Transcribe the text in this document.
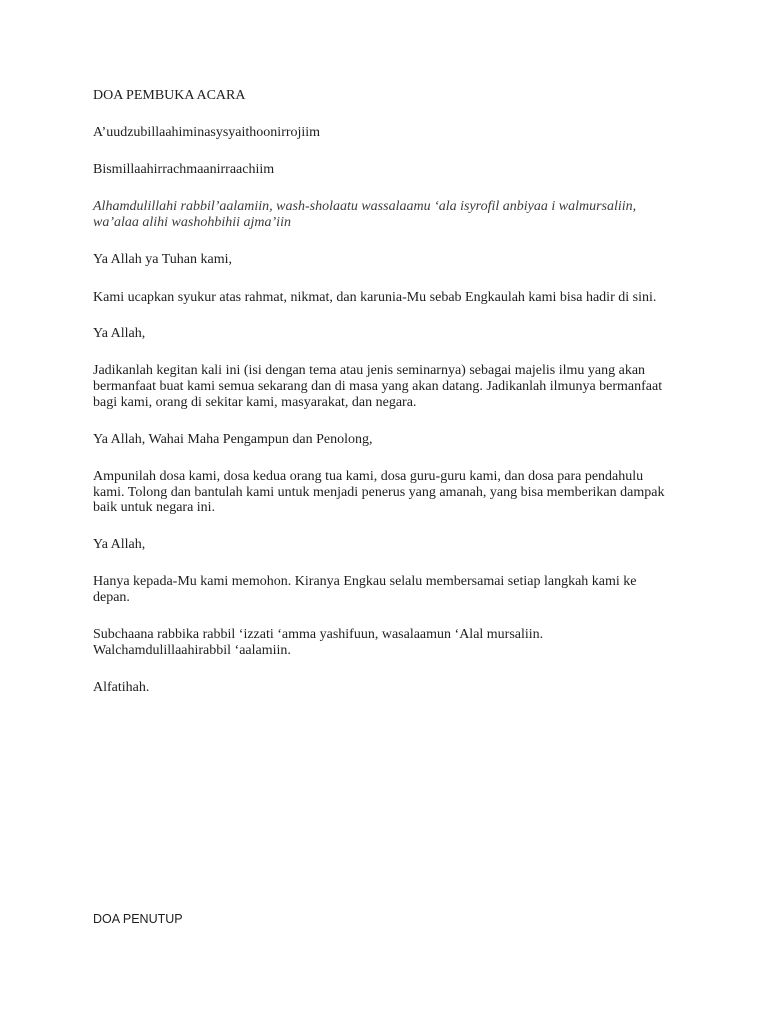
DOA PEMBUKA ACARA

A’uudzubillaahiminasysyaithoonirrojiim

Bismillaahirrachmaanirraachiim

Alhamdulillahi rabbil’aalamiin, wash-sholaatu wassalaamu ‘ala isyrofil anbiyaa i walmursaliin,

wa’alaa alihi washohbihii ajma’iin

Ya Allah ya Tuhan kami,

Kami ucapkan syukur atas rahmat, nikmat, dan karunia-Mu sebab Engkaulah kami bisa hadir di sini.

Ya Allah,

Jadikanlah kegitan kali ini (isi dengan tema atau jenis seminarnya) sebagai majelis ilmu yang akan

bermanfaat buat kami semua sekarang dan di masa yang akan datang. Jadikanlah ilmunya bermanfaat

bagi kami, orang di sekitar kami, masyarakat, dan negara.

Ya Allah, Wahai Maha Pengampun dan Penolong,

Ampunilah dosa kami, dosa kedua orang tua kami, dosa guru-guru kami, dan dosa para pendahulu

kami. Tolong dan bantulah kami untuk menjadi penerus yang amanah, yang bisa memberikan dampak

baik untuk negara ini.

Ya Allah,

Hanya kepada-Mu kami memohon. Kiranya Engkau selalu membersamai setiap langkah kami ke

depan.

Subchaana rabbika rabbil ‘izzati ‘amma yashifuun, wasalaamun ‘Alal mursaliin.

Walchamdulillaahirabbil ‘aalamiin.

Alfatihah.

DOA PENUTUP
